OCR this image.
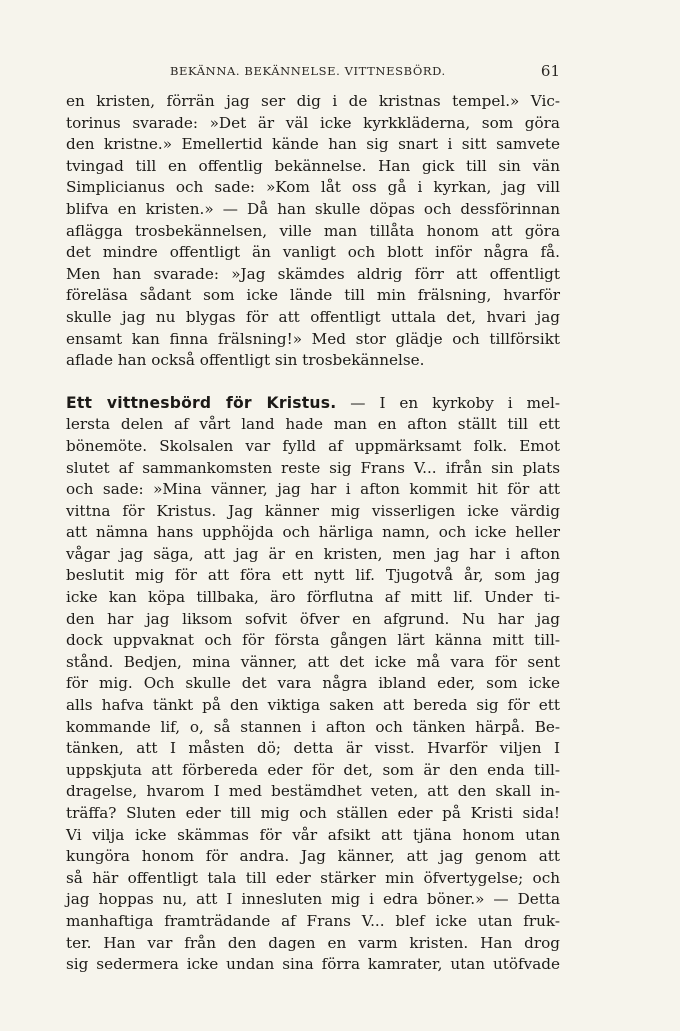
BEKÄNNA. BEKÄNNELSE. VITTNESBÖRD.	61
en kristen, förrän jag ser dig i de kristnas tempel.» Vic-
torinus svarade: »Det är väl icke kyrkkläderna, som göra
den kristne.» Emellertid kände han sig snart i sitt samvete
tvingad till en offentlig bekännelse. Han gick till sin vän
Simplicianus och sade: »Kom låt oss gå i kyrkan, jag vill
blifva en kristen.» — Då han skulle döpas och dessförinnan
aflägga trosbekännelsen, ville man tillåta honom att göra
det mindre offentligt än vanligt och blott inför några få.
Men han svarade: »Jag skämdes aldrig förr att offentligt
föreläsa sådant som icke lände till min frälsning, hvarför
skulle jag nu blygas för att offentligt uttala det, hvari jag
ensamt kan finna frälsning!» Med stor glädje och tillförsikt
aflade han också offentligt sin trosbekännelse.
Ett vittnesbörd för Kristus. — I en kyrkoby i mel-
lersta delen af vårt land hade man en afton ställt till ett
bönemöte. Skolsalen var fylld af uppmärksamt folk. Emot
slutet af sammankomsten reste sig Frans V... ifrån sin plats
och sade: »Mina vänner, jag har i afton kommit hit för att
vittna för Kristus. Jag känner mig visserligen icke värdig
att nämna hans upphöjda och härliga namn, och icke heller
vågar jag säga, att jag är en kristen, men jag har i afton
beslutit mig för att föra ett nytt lif. Tjugotvå år, som jag
icke kan köpa tillbaka, äro förflutna af mitt lif. Under ti-
den har jag liksom sofvit öfver en afgrund. Nu har jag
dock uppvaknat och för första gången lärt känna mitt till-
stånd. Bedjen, mina vänner, att det icke må vara för sent
för mig. Och skulle det vara några ibland eder, som icke
alls hafva tänkt på den viktiga saken att bereda sig för ett
kommande lif, o, så stannen i afton och tänken härpå. Be-
tänken, att I måsten dö; detta är visst. Hvarför viljen I
uppskjuta att förbereda eder för det, som är den enda till-
dragelse, hvarom I med bestämdhet veten, att den skall in-
träffa? Sluten eder till mig och ställen eder på Kristi sida!
Vi vilja icke skämmas för vår afsikt att tjäna honom utan
kungöra honom för andra. Jag känner, att jag genom att
så här offentligt tala till eder stärker min öfvertygelse; och
jag hoppas nu, att I innesluten mig i edra böner.» — Detta
manhaftiga framträdande af Frans V... blef icke utan fruk-
ter. Han var från den dagen en varm kristen. Han drog
sig sedermera icke undan sina förra kamrater, utan utöfvade
